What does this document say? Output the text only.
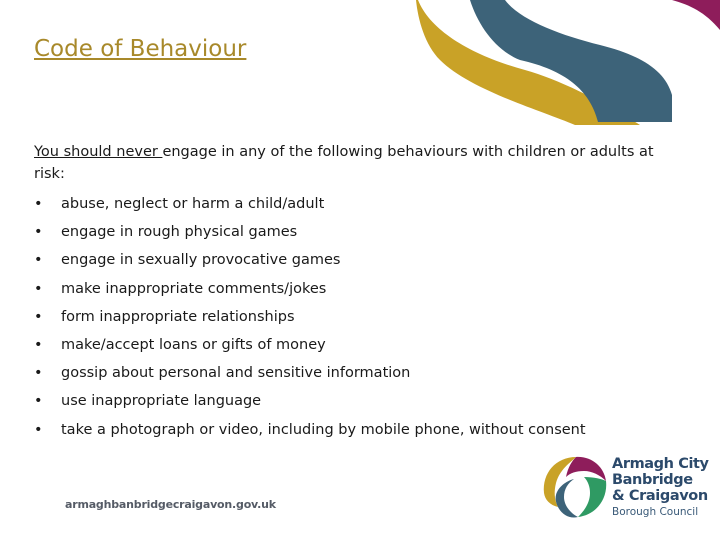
Code of Behaviour

You should never engage in any of the following behaviours with children or adults at risk:

• abuse, neglect or harm a child/adult
• engage in rough physical games
• engage in sexually provocative games
• make inappropriate comments/jokes
• form inappropriate relationships
• make/accept loans or gifts of money
• gossip about personal and sensitive information
• use inappropriate language
• take a photograph or video, including by mobile phone, without consent
armaghbanbridgecraigavon.gov.uk
Armagh City
Banbridge
& Craigavon
Borough Council
